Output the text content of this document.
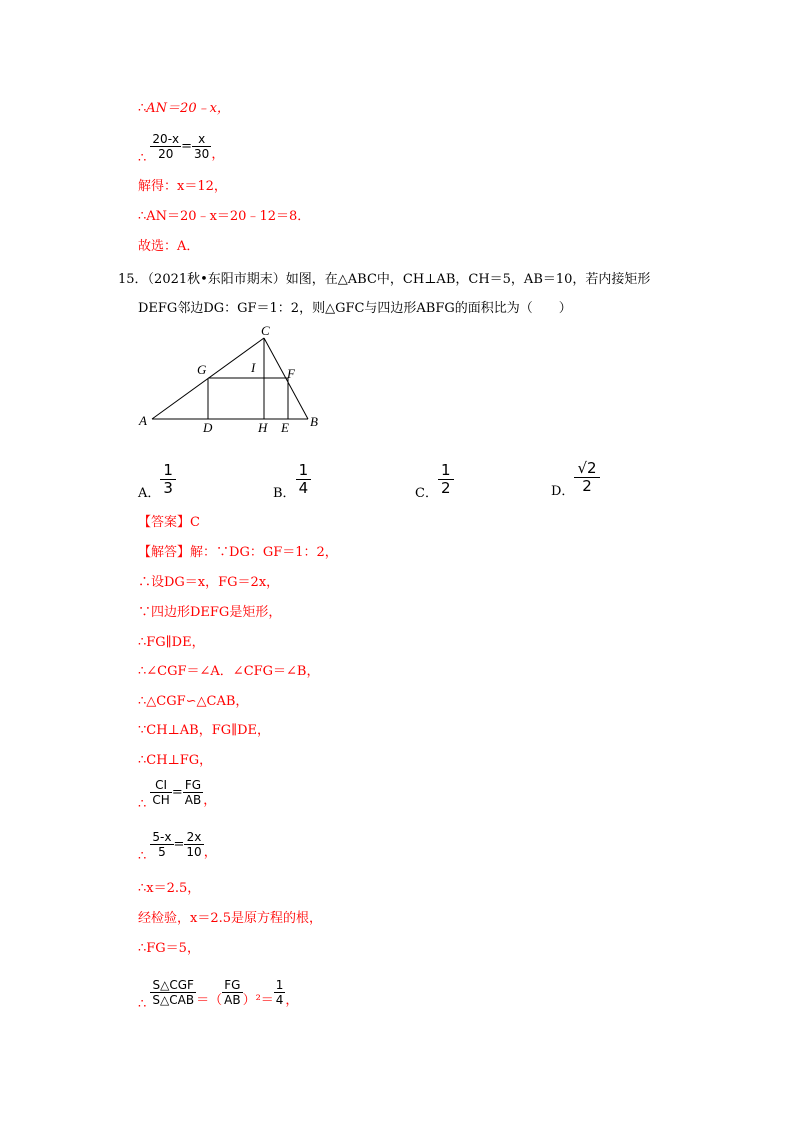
∴AN＝20﹣x，
∴ $\frac{20-x}{20} = \frac{x}{30}$ ，
解得：x＝12，
∴AN＝20﹣x＝20﹣12＝8．
故选：A．
15．（2021秋•东阳市期末）如图，在△ABC中，CH⊥AB，CH＝5，AB＝10，若内接矩形
DEFG邻边DG：GF＝1：2，则△GFC与四边形ABFG的面积比为（　　）
C
G	I F
A	D	H E B
A． $\frac{1}{3}$	B． $\frac{1}{4}$	C． $\frac{1}{2}$	D． $\frac{√2}{2}$
【答案】C
【解答】解：∵DG：GF＝1：2，
∴设DG＝x，FG＝2x，
∵四边形DEFG是矩形，
∴FG∥DE，
∴∠CGF＝∠A．∠CFG＝∠B，
∴△CGF∽△CAB，
∵CH⊥AB，FG∥DE，
∴CH⊥FG，
∴ $\frac{CI}{CH} = \frac{FG}{AB}$ ，
∴ $\frac{5-x}{5} = \frac{2x}{10}$ ，
∴x＝2.5，
经检验，x＝2.5是原方程的根，
∴FG＝5，
∴ $\frac{\text{S△CGF}}{\text{S△CAB}}$ ＝（ $\frac{FG}{AB} )^2= \frac{1}{4}$ ，
